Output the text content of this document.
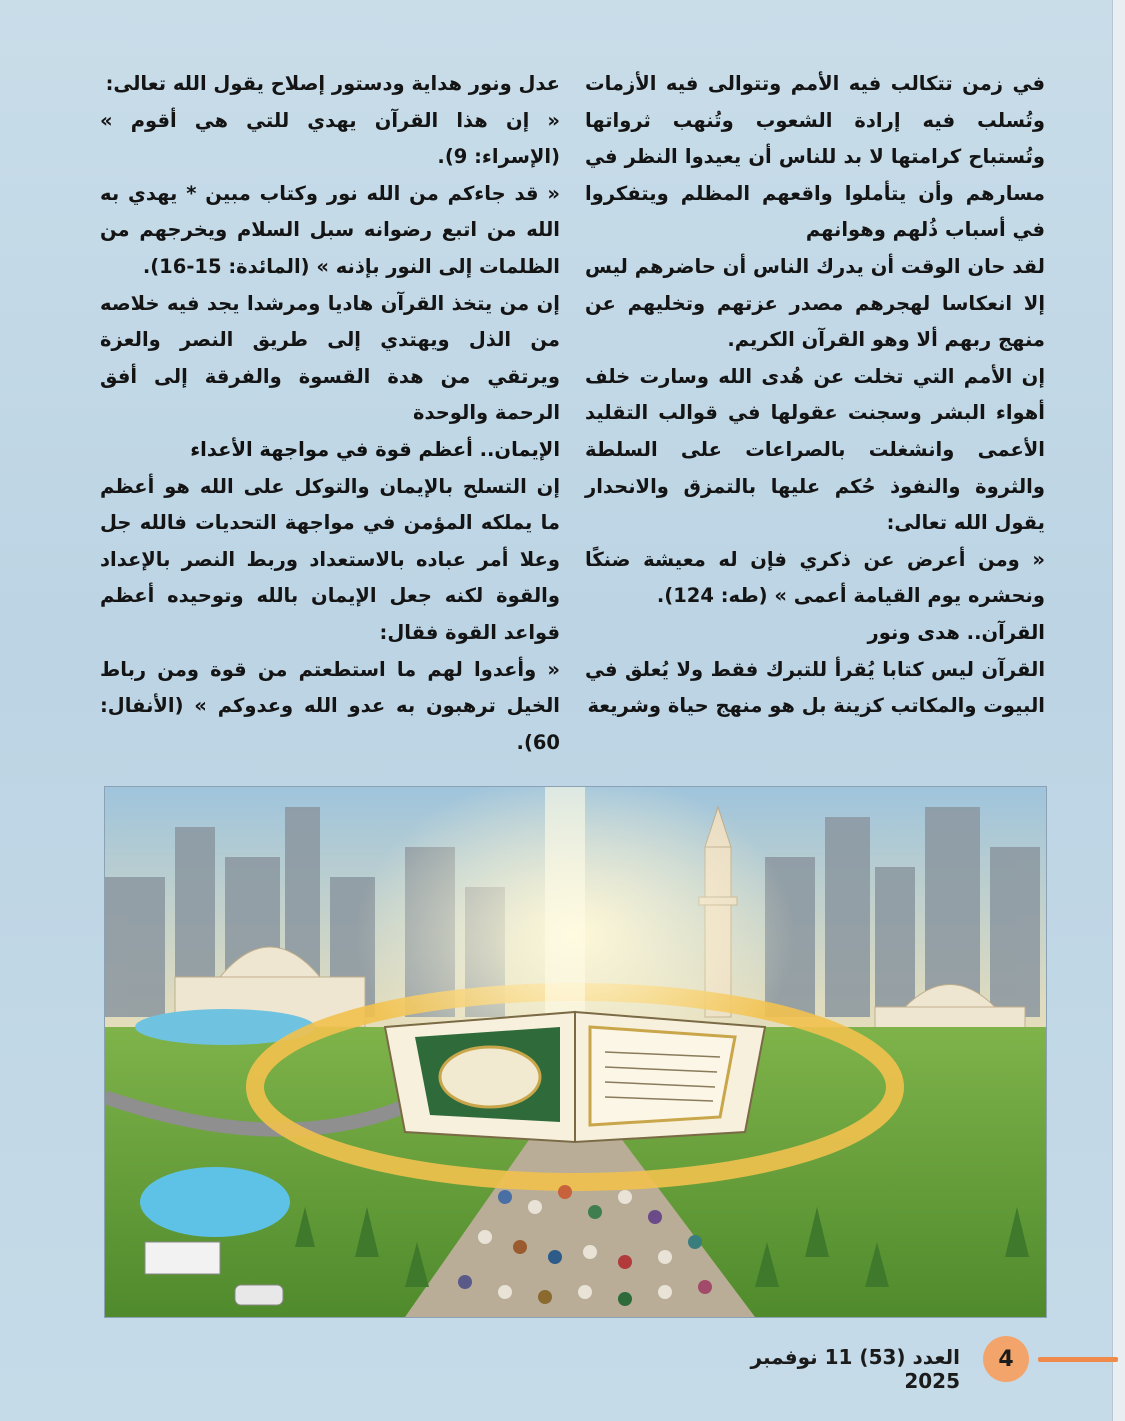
في زمن تتكالب فيه الأمم وتتوالى فيه الأزمات وتُسلب فيه إرادة الشعوب وتُنهب ثرواتها وتُستباح كرامتها لا بد للناس أن يعيدوا النظر في مسارهم وأن يتأملوا واقعهم المظلم ويتفكروا في أسباب ذُلهم وهوانهم

لقد حان الوقت أن يدرك الناس أن حاضرهم ليس إلا انعكاسا لهجرهم مصدر عزتهم وتخليهم عن منهج ربهم ألا وهو القرآن الكريم.

إن الأمم التي تخلت عن هُدى الله وسارت خلف أهواء البشر وسجنت عقولها في قوالب التقليد الأعمى وانشغلت بالصراعات على السلطة والثروة والنفوذ حُكم عليها بالتمزق والانحدار يقول الله تعالى:

« ومن أعرض عن ذكري فإن له معيشة ضنكًا ونحشره يوم القيامة أعمى » (طه: 124).

القرآن.. هدى ونور

القرآن ليس كتابا يُقرأ للتبرك فقط ولا يُعلق في البيوت والمكاتب كزينة بل هو منهج حياة وشريعة

عدل ونور هداية ودستور إصلاح يقول الله تعالى:

« إن هذا القرآن يهدي للتي هي أقوم » (الإسراء: 9).

« قد جاءكم من الله نور وكتاب مبين * يهدي به الله من اتبع رضوانه سبل السلام ويخرجهم من الظلمات إلى النور بإذنه » (المائدة: 15-16).

إن من يتخذ القرآن هاديا ومرشدا يجد فيه خلاصه من الذل ويهتدي إلى طريق النصر والعزة ويرتقي من هدة القسوة والفرقة إلى أفق الرحمة والوحدة

الإيمان.. أعظم قوة في مواجهة الأعداء

إن التسلح بالإيمان والتوكل على الله هو أعظم ما يملكه المؤمن في مواجهة التحديات فالله جل وعلا أمر عباده بالاستعداد وربط النصر بالإعداد والقوة لكنه جعل الإيمان بالله وتوحيده أعظم قواعد القوة فقال:

« وأعدوا لهم ما استطعتم من قوة ومن رباط الخيل ترهبون به عدو الله وعدوكم » (الأنفال: 60).

4
العدد (53) 11 نوفمبر 2025
